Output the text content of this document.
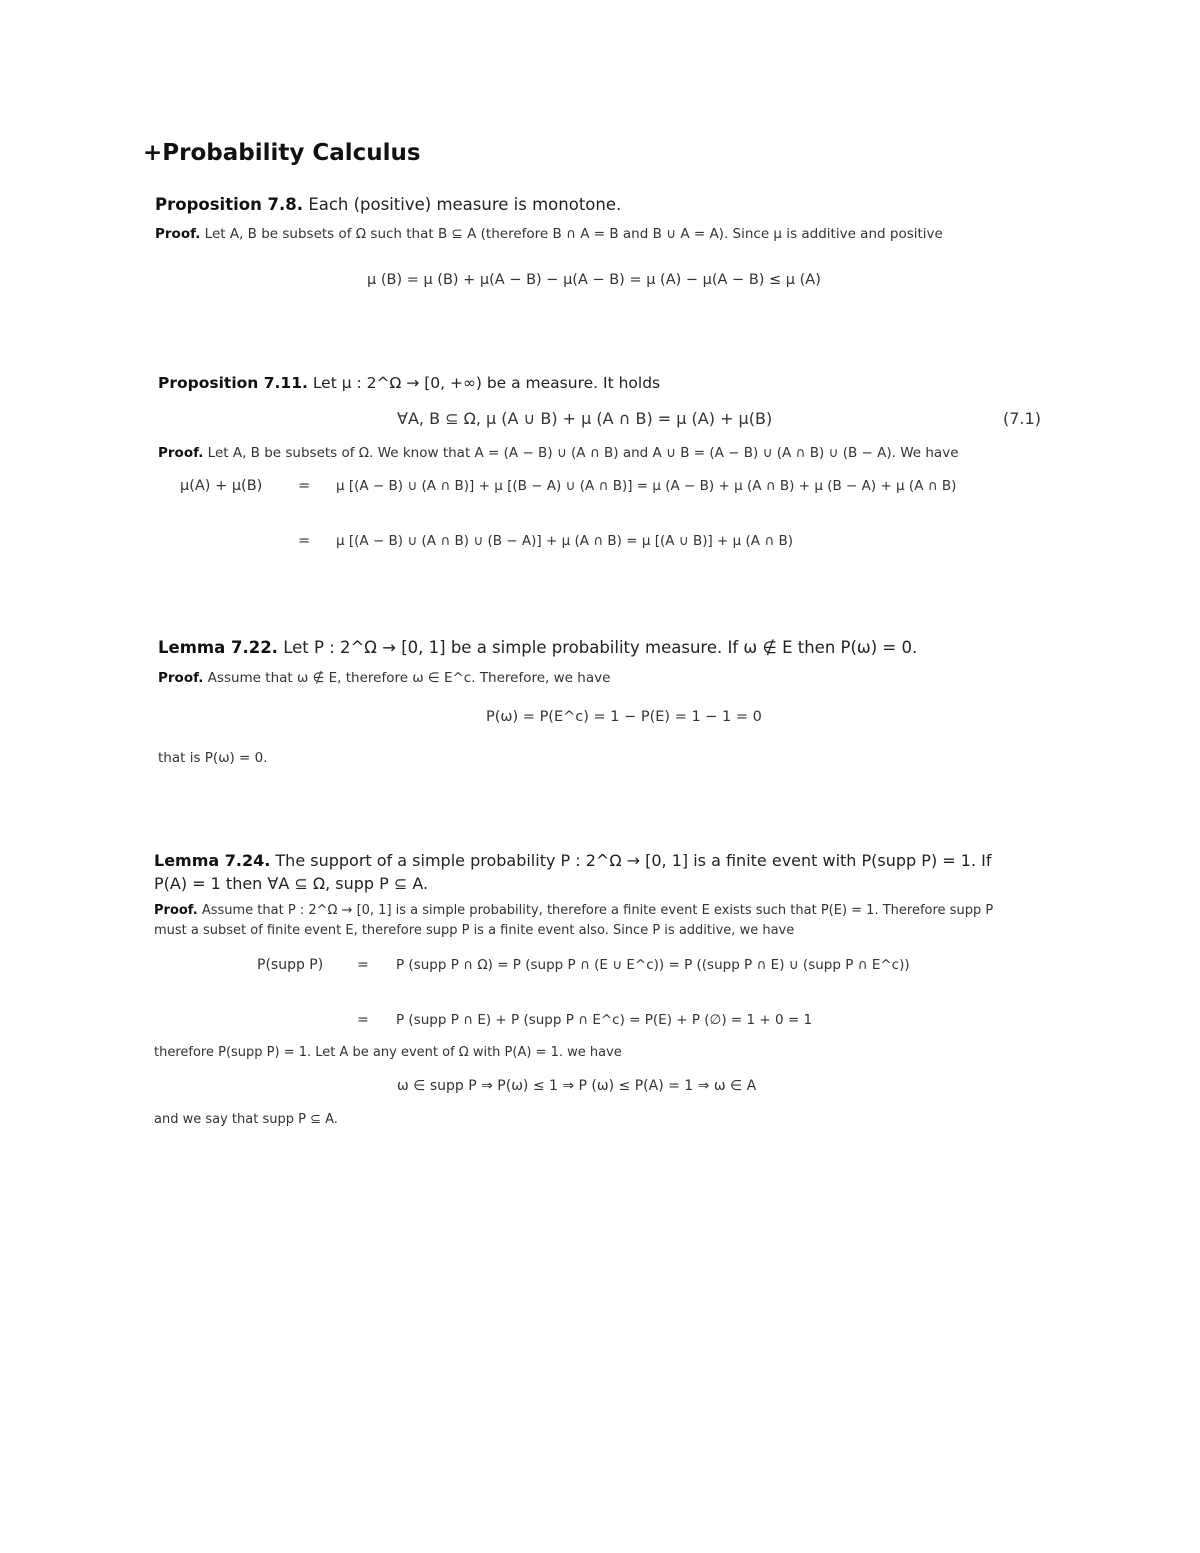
+Probability Calculus
Proposition 7.8. Each (positive) measure is monotone.
Proof. Let A, B be subsets of Ω such that B ⊆ A (therefore B ∩ A = B and B ∪ A = A). Since μ is additive and positive
μ (B) = μ (B) + μ(A − B) − μ(A − B) = μ (A) − μ(A − B) ≤ μ (A)
Proposition 7.11. Let μ : 2^Ω → [0, +∞) be a measure. It holds
∀A, B ⊆ Ω, μ (A ∪ B) + μ (A ∩ B) = μ (A) + μ(B)	(7.1)
Proof. Let A, B be subsets of Ω. We know that A = (A − B) ∪ (A ∩ B) and A ∪ B = (A − B) ∪ (A ∩ B) ∪ (B − A). We have
μ(A) + μ(B) = μ [(A − B) ∪ (A ∩ B)] + μ [(B − A) ∪ (A ∩ B)] = μ (A − B) + μ (A ∩ B) + μ (B − A) + μ (A ∩ B)
= μ [(A − B) ∪ (A ∩ B) ∪ (B − A)] + μ (A ∩ B) = μ [(A ∪ B)] + μ (A ∩ B)
Lemma 7.22. Let P : 2^Ω → [0, 1] be a simple probability measure. If ω ∉ E then P(ω) = 0.
Proof. Assume that ω ∉ E, therefore ω ∈ E^c. Therefore, we have
P(ω) = P(E^c) = 1 − P(E) = 1 − 1 = 0
that is P(ω) = 0.
Lemma 7.24. The support of a simple probability P : 2^Ω → [0, 1] is a finite event with P(supp P) = 1. If
P(A) = 1 then ∀A ⊆ Ω, supp P ⊆ A.
Proof. Assume that P : 2^Ω → [0, 1] is a simple probability, therefore a finite event E exists such that P(E) = 1. Therefore supp P
must a subset of finite event E, therefore supp P is a finite event also. Since P is additive, we have
P(supp P) = P (supp P ∩ Ω) = P (supp P ∩ (E ∪ E^c)) = P ((supp P ∩ E) ∪ (supp P ∩ E^c))
= P (supp P ∩ E) + P (supp P ∩ E^c) = P(E) + P (∅) = 1 + 0 = 1
therefore P(supp P) = 1. Let A be any event of Ω with P(A) = 1. we have
ω ∈ supp P ⇒ P(ω) ≤ 1 ⇒ P (ω) ≤ P(A) = 1 ⇒ ω ∈ A
and we say that supp P ⊆ A.
